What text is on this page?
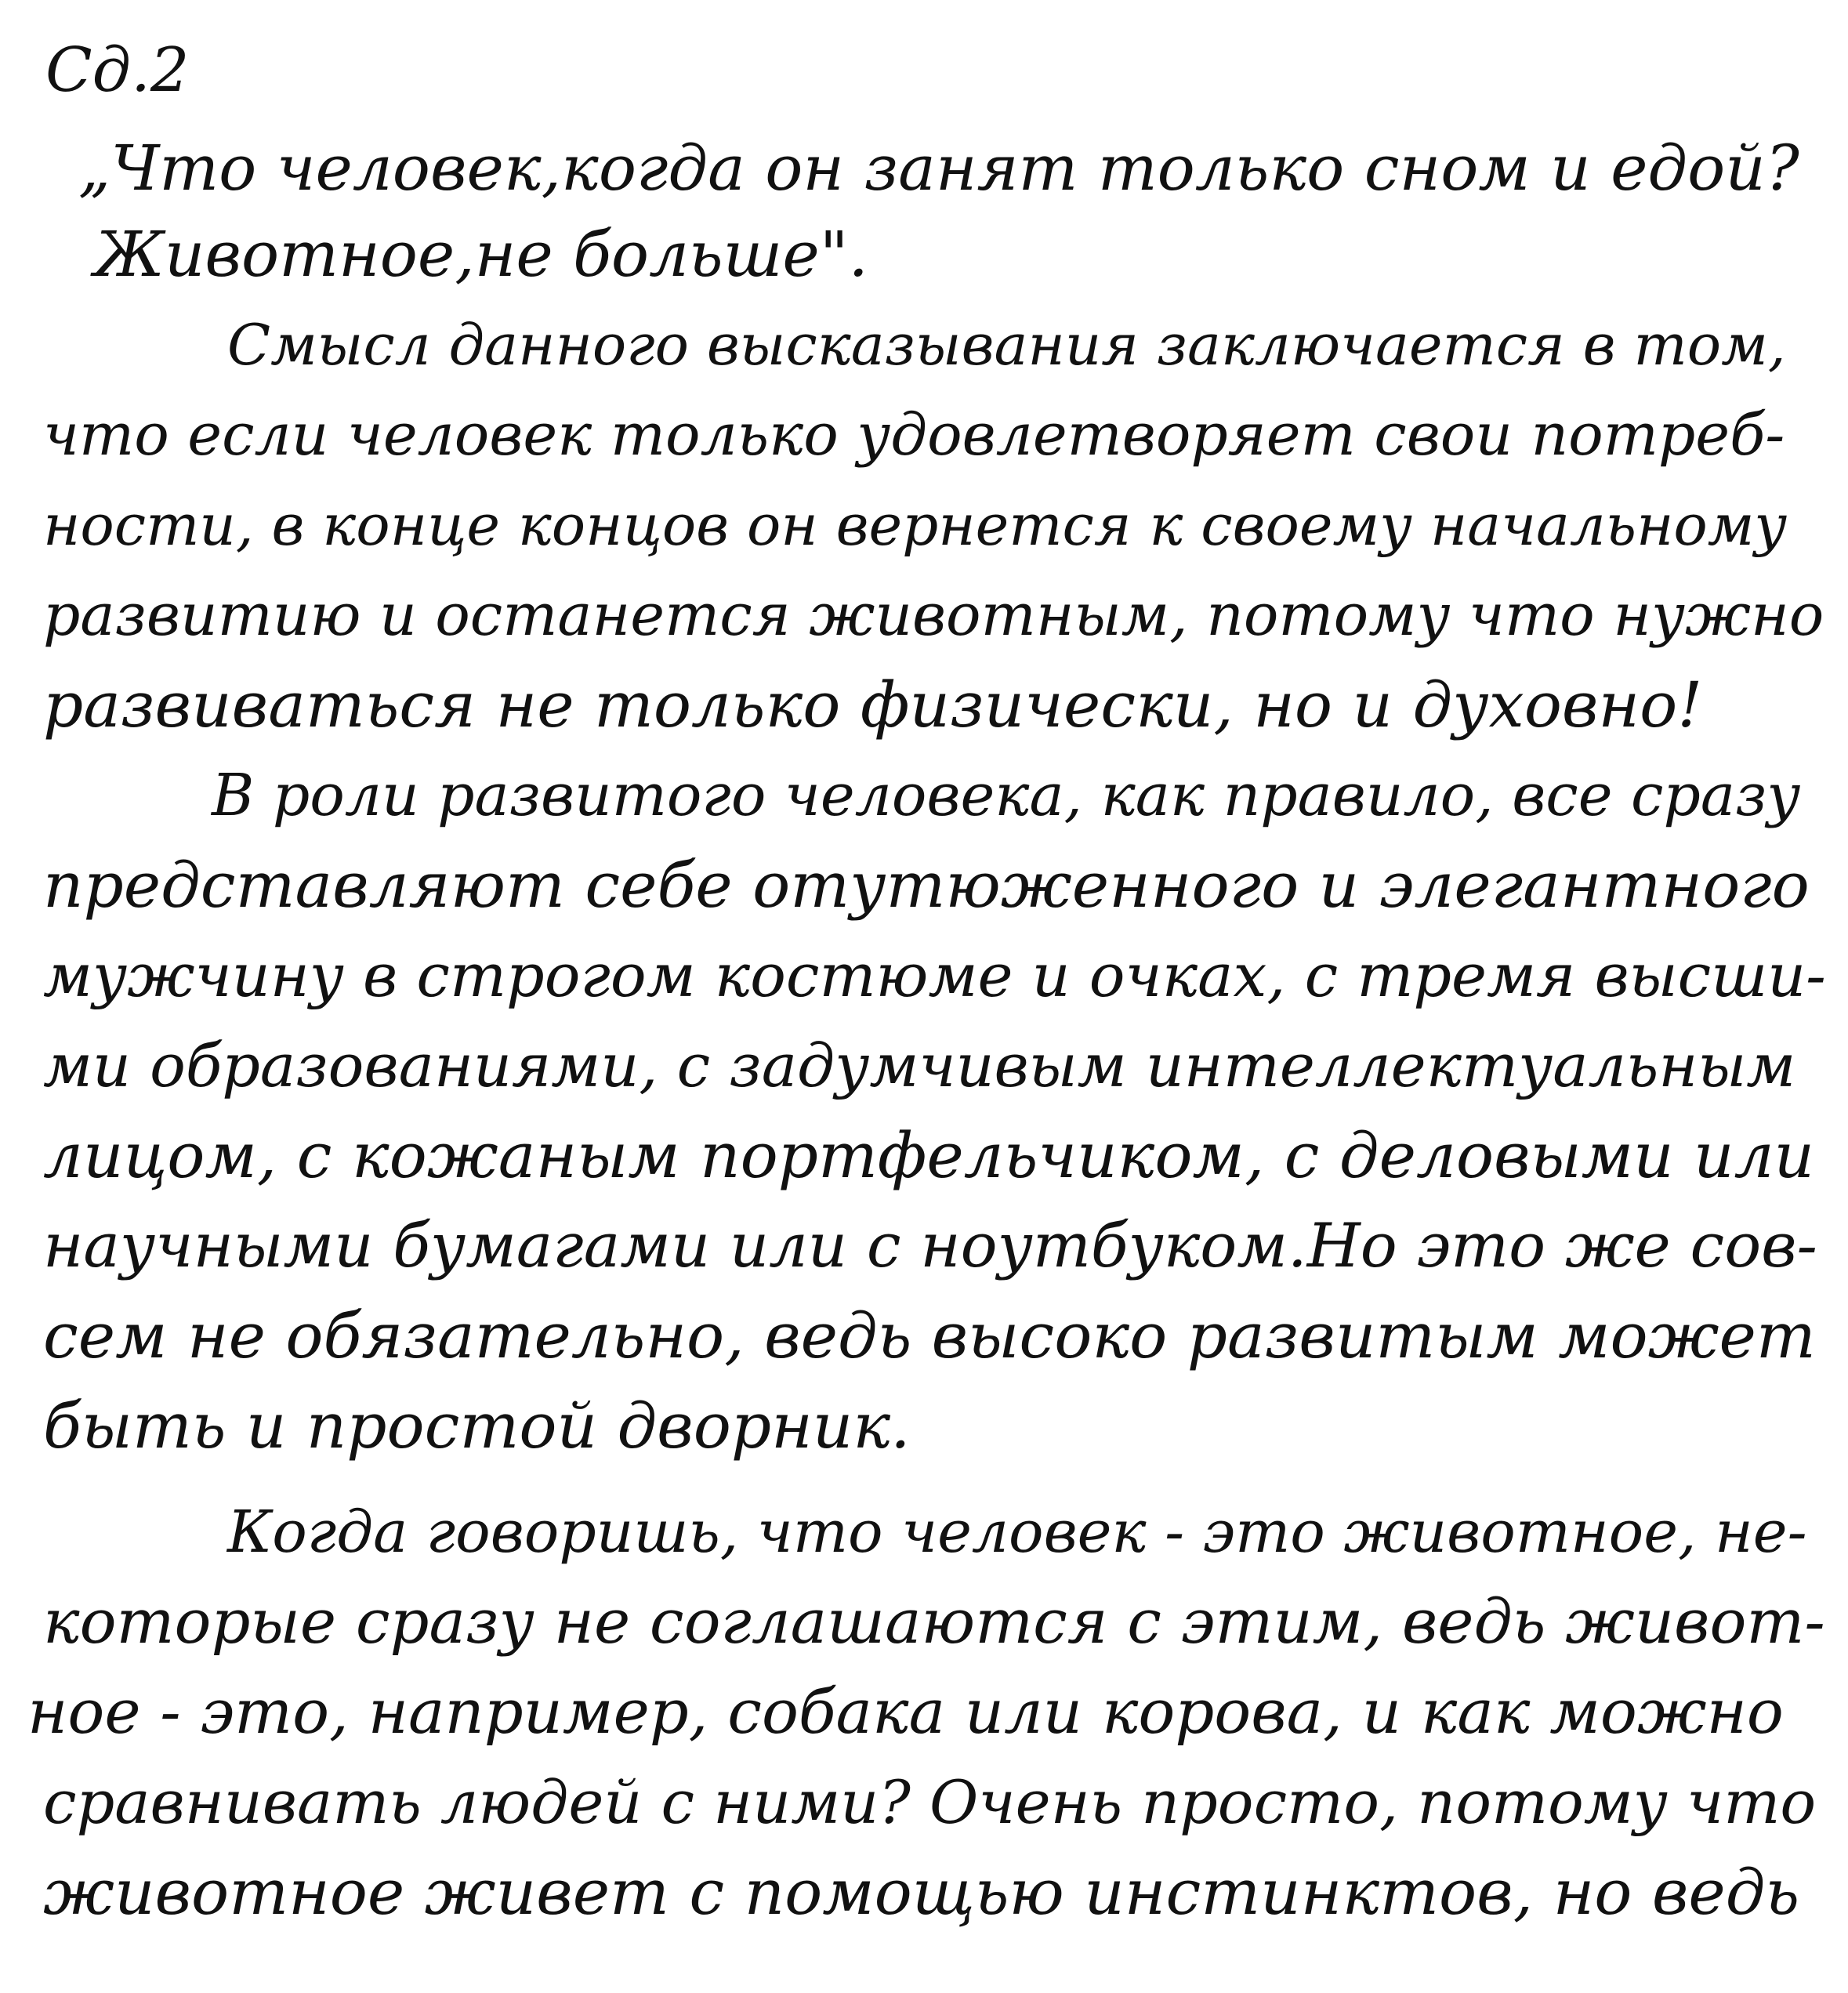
Сд.2
„Что человек,когда он занят только сном и едой?
Животное,не больше".
Смысл данного высказывания заключается в том,
что если человек только удовлетворяет свои потреб-
ности, в конце концов он вернется к своему начальному
развитию и останется животным, потому что нужно
развиваться не только физически, но и духовно!
В роли развитого человека, как правило, все сразу
представляют себе отутюженного и элегантного
мужчину в строгом костюме и очках, с тремя высши-
ми образованиями, с задумчивым интеллектуальным
лицом, с кожаным портфельчиком, с деловыми или
научными бумагами или с ноутбуком.Но это же сов-
сем не обязательно, ведь высоко развитым может
быть и простой дворник.
Когда говоришь, что человек - это животное, не-
которые сразу не соглашаются с этим, ведь живот-
ное - это, например, собака или корова, и как можно
сравнивать людей с ними? Очень просто, потому что
животное живет с помощью инстинктов, но ведь
